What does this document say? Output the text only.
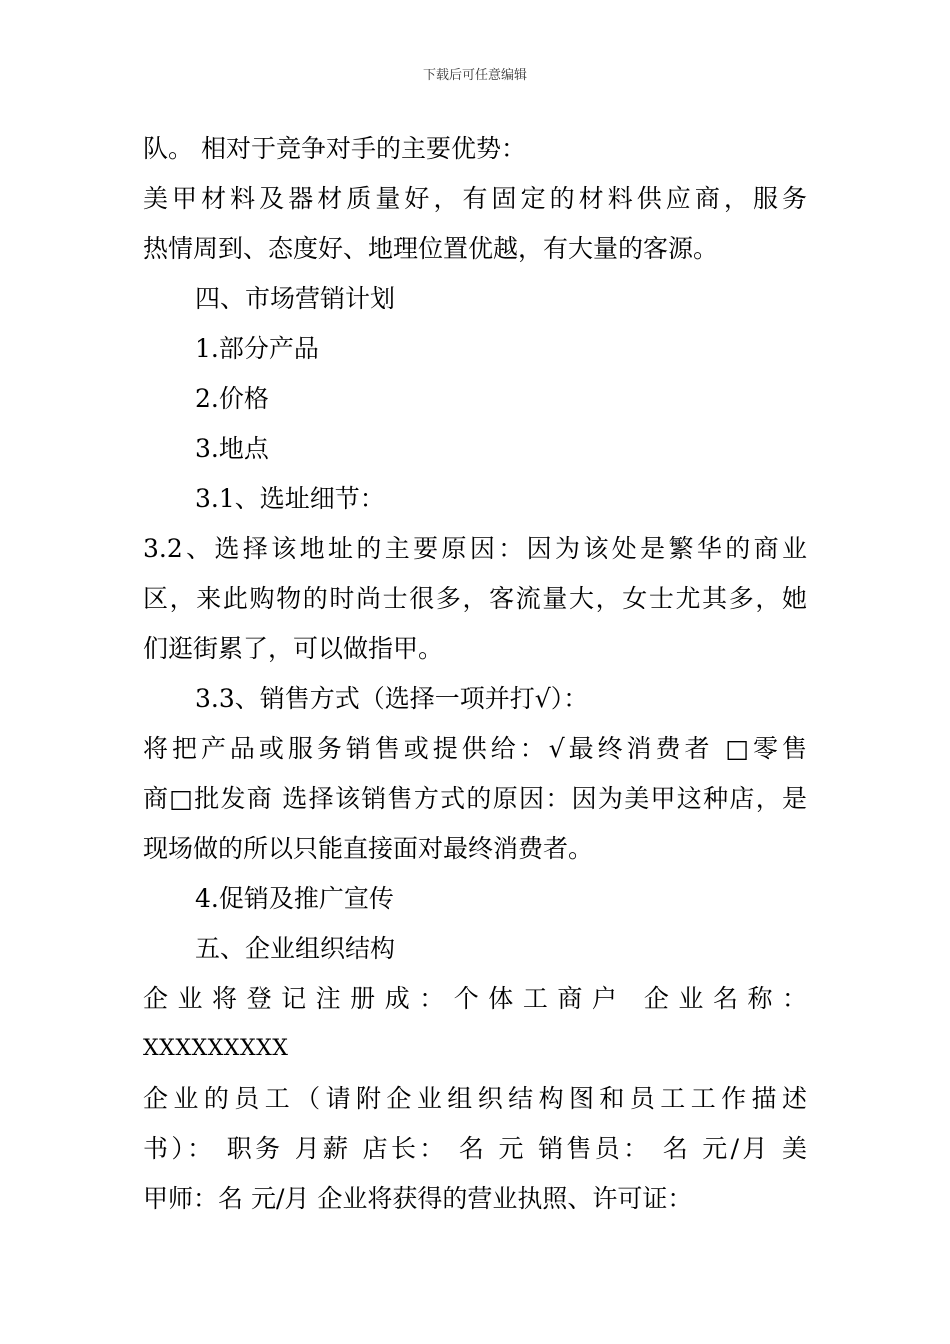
下载后可任意编辑
队。 相对于竞争对手的主要优势：
美甲材料及器材质量好，有固定的材料供应商，服务
热情周到、态度好、地理位置优越，有大量的客源。
四、市场营销计划
1.部分产品
2.价格
3.地点
3.1、选址细节：
3.2、选择该地址的主要原因：因为该处是繁华的商业
区，来此购物的时尚士很多，客流量大，女士尤其多，她
们逛街累了，可以做指甲。
3.3、销售方式（选择一项并打√）：
将把产品或服务销售或提供给：√最终消费者 □零售
商□批发商 选择该销售方式的原因：因为美甲这种店，是
现场做的所以只能直接面对最终消费者。
4.促销及推广宣传
五、企业组织结构
企业将登记注册成：个体工商户 企业名称：
XXXXXXXXX
企业的员工（请附企业组织结构图和员工工作描述
书）： 职务 月薪 店长： 名 元 销售员： 名 元/月 美
甲师：名 元/月 企业将获得的营业执照、许可证：
